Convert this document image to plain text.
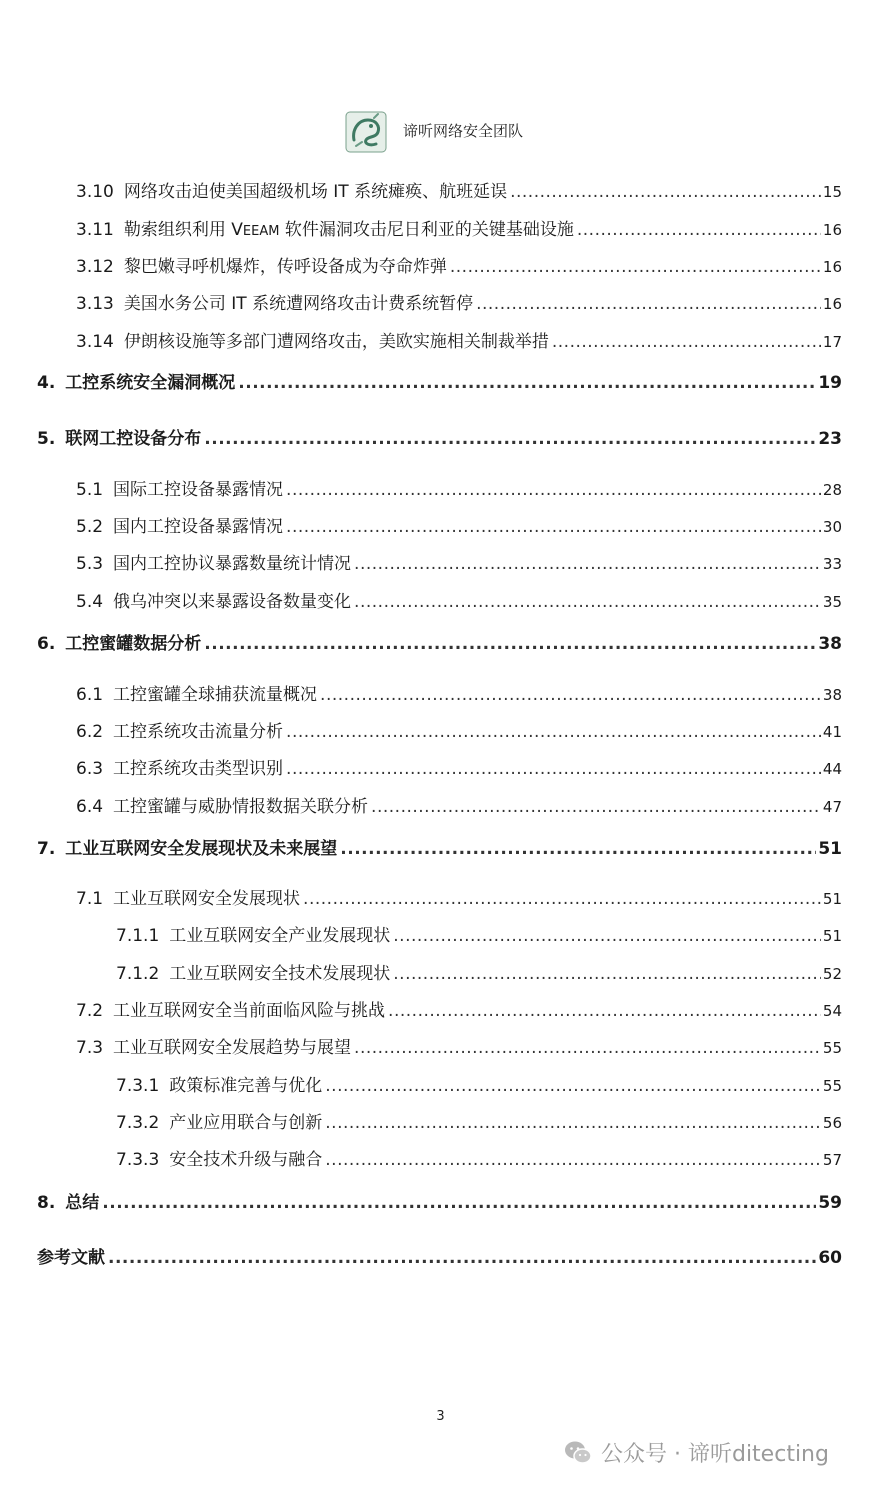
谛听网络安全团队
3.10 网络攻击迫使美国超级机场 IT 系统瘫痪、航班延误 .....	15
3.11 勒索组织利用 VEEAM 软件漏洞攻击尼日利亚的关键基础设施 .....	16
3.12 黎巴嫩寻呼机爆炸，传呼设备成为夺命炸弹 .....	16
3.13 美国水务公司 IT 系统遭网络攻击计费系统暂停 .....	16
3.14 伊朗核设施等多部门遭网络攻击，美欧实施相关制裁举措 .....	17
4. 工控系统安全漏洞概况 .....	19
5. 联网工控设备分布 .....	23
5.1 国际工控设备暴露情况 .....	28
5.2 国内工控设备暴露情况 .....	30
5.3 国内工控协议暴露数量统计情况 .....	33
5.4 俄乌冲突以来暴露设备数量变化 .....	35
6. 工控蜜罐数据分析 .....	38
6.1 工控蜜罐全球捕获流量概况 .....	38
6.2 工控系统攻击流量分析 .....	41
6.3 工控系统攻击类型识别 .....	44
6.4 工控蜜罐与威胁情报数据关联分析 .....	47
7. 工业互联网安全发展现状及未来展望 .....	51
7.1 工业互联网安全发展现状 .....	51
7.1.1 工业互联网安全产业发展现状 .....	51
7.1.2 工业互联网安全技术发展现状 .....	52
7.2 工业互联网安全当前面临风险与挑战 .....	54
7.3 工业互联网安全发展趋势与展望 .....	55
7.3.1 政策标准完善与优化 .....	55
7.3.2 产业应用联合与创新 .....	56
7.3.3 安全技术升级与融合 .....	57
8. 总结 .....	59
参考文献 .....	60
3
公众号 · 谛听ditecting
